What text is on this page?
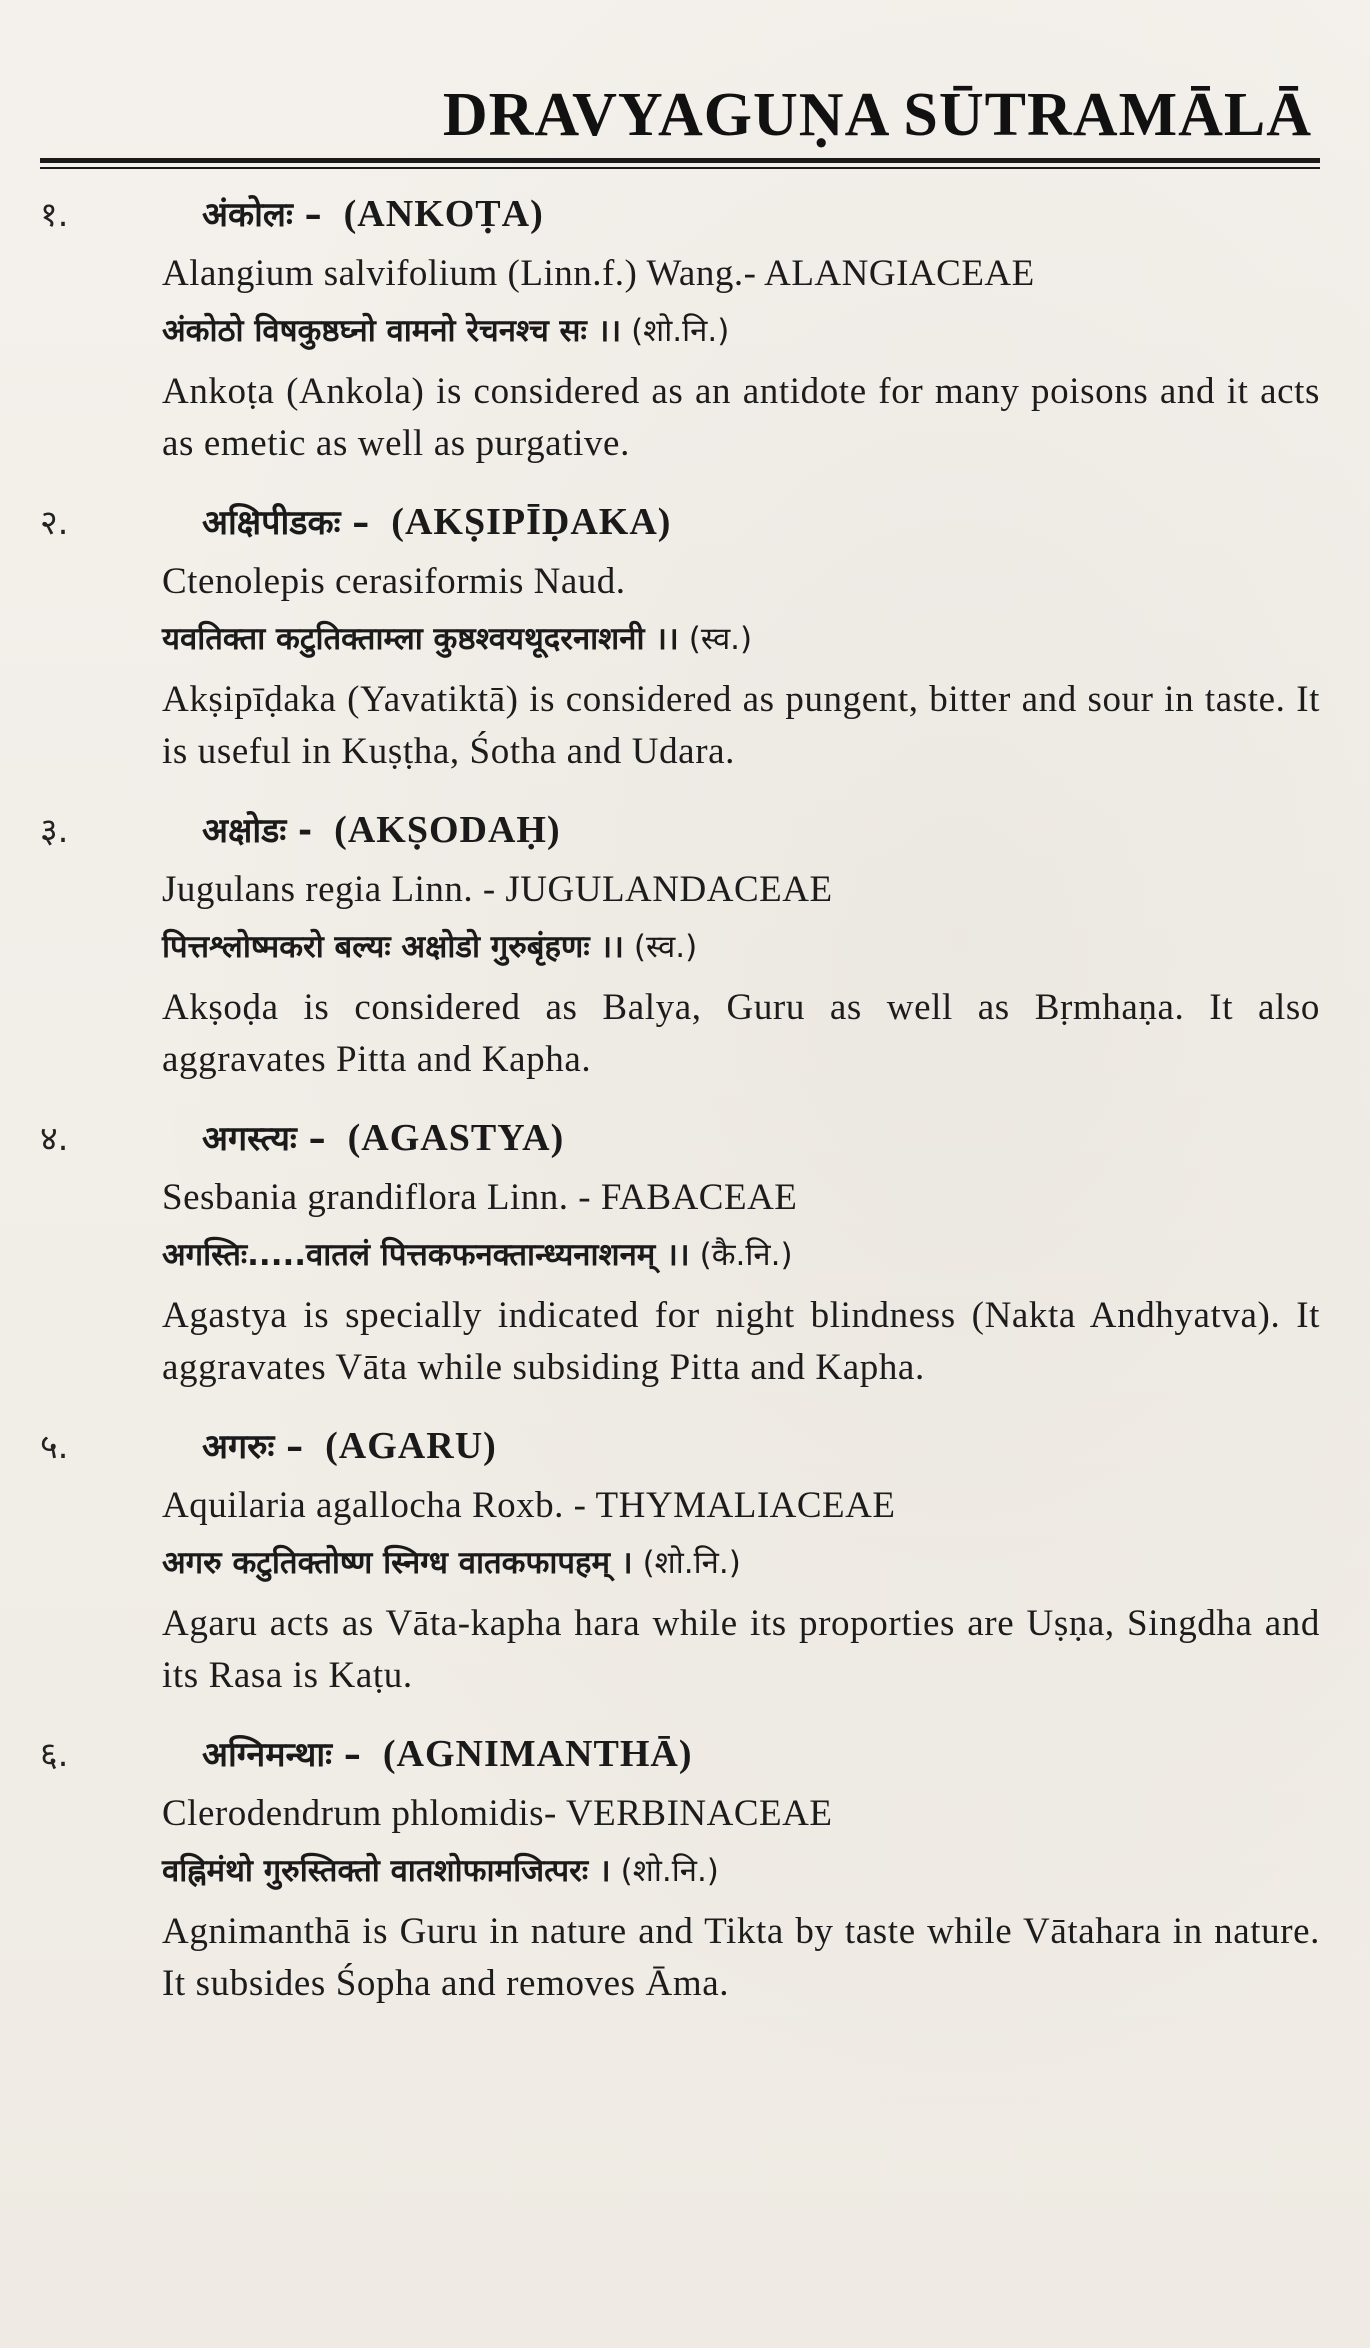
DRAVYAGUṆA SŪTRAMĀLĀ
१.	अंकोलः – (ANKOṬA)
Alangium salvifolium (Linn.f.) Wang.- ALANGIACEAE
अंकोठो विषकुष्ठघ्नो वामनो रेचनश्च सः ।। (शो.नि.)
Ankoṭa (Ankola) is considered as an antidote for many poisons and it acts as emetic as well as purgative.
२.	अक्षिपीडकः – (AKṢIPĪḌAKA)
Ctenolepis cerasiformis Naud.
यवतिक्ता कटुतिक्ताम्ला कुष्ठश्वयथूदरनाशनी ।। (स्व.)
Akṣipīḍaka (Yavatiktā) is considered as pungent, bitter and sour in taste. It is useful in Kuṣṭha, Śotha and Udara.
३.	अक्षोडः - (AKṢODAḤ)
Jugulans regia Linn. - JUGULANDACEAE
पित्तश्लोष्मकरो बल्यः अक्षोडो गुरुबृंहणः ।। (स्व.)
Akṣoḍa is considered as Balya, Guru as well as Bṛmhaṇa. It also aggravates Pitta and Kapha.
४.	अगस्त्यः – (AGASTYA)
Sesbania grandiflora Linn. - FABACEAE
अगस्तिः.....वातलं पित्तकफनक्तान्ध्यनाशनम् ।। (कै.नि.)
Agastya is specially indicated for night blindness (Nakta Andhyatva). It aggravates Vāta while subsiding Pitta and Kapha.
५.	अगरुः – (AGARU)
Aquilaria agallocha Roxb. - THYMALIACEAE
अगरु कटुतिक्तोष्ण स्निग्ध वातकफापहम् । (शो.नि.)
Agaru acts as Vāta-kapha hara while its proporties are Uṣṇa, Singdha and its Rasa is Kaṭu.
६.	अग्निमन्थाः – (AGNIMANTHĀ)
Clerodendrum phlomidis- VERBINACEAE
वह्निमंथो गुरुस्तिक्तो वातशोफामजित्परः । (शो.नि.)
Agnimanthā is Guru in nature and Tikta by taste while Vātahara in nature. It subsides Śopha and removes Āma.
